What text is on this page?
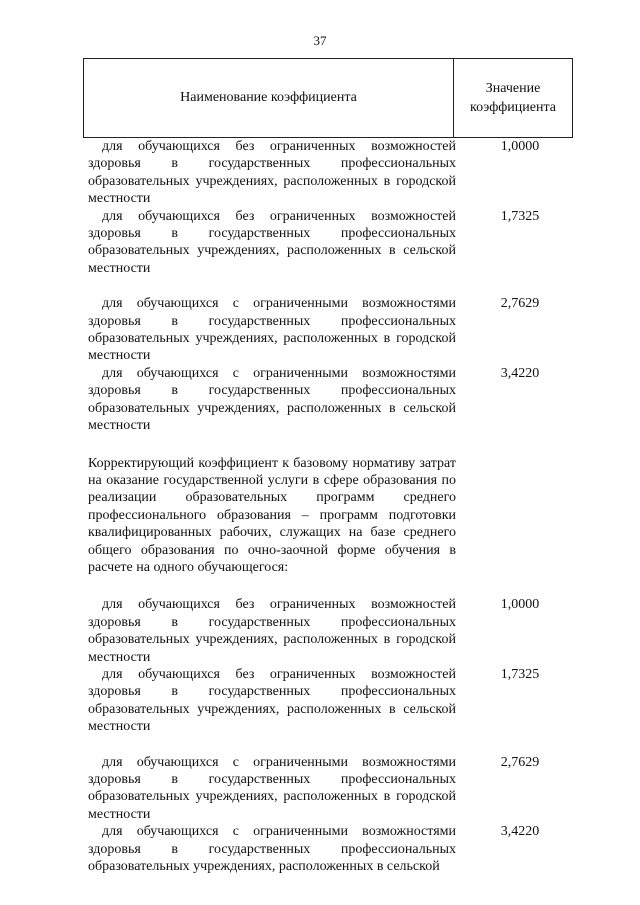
37
Наименование коэффициента
Значение
коэффициента
для обучающихся без ограниченных возможностей здоровья в государственных профессиональных образовательных учреждениях, расположенных в городской местности
1,0000
для обучающихся без ограниченных возможностей здоровья в государственных профессиональных образовательных учреждениях, расположенных в сельской местности
1,7325
для обучающихся с ограниченными возможностями здоровья в государственных профессиональных образовательных учреждениях, расположенных в городской местности
2,7629
для обучающихся с ограниченными возможностями здоровья в государственных профессиональных образовательных учреждениях, расположенных в сельской местности
3,4220
Корректирующий коэффициент к базовому нормативу затрат на оказание государственной услуги в сфере образования по реализации образовательных программ среднего профессионального образования – программ подготовки квалифицированных рабочих, служащих на базе среднего общего образования по очно-заочной форме обучения в расчете на одного обучающегося:
для обучающихся без ограниченных возможностей здоровья в государственных профессиональных образовательных учреждениях, расположенных в городской местности
1,0000
для обучающихся без ограниченных возможностей здоровья в государственных профессиональных образовательных учреждениях, расположенных в сельской местности
1,7325
для обучающихся с ограниченными возможностями здоровья в государственных профессиональных образовательных учреждениях, расположенных в городской местности
2,7629
для обучающихся с ограниченными возможностями здоровья в государственных профессиональных образовательных учреждениях, расположенных в сельской
3,4220
